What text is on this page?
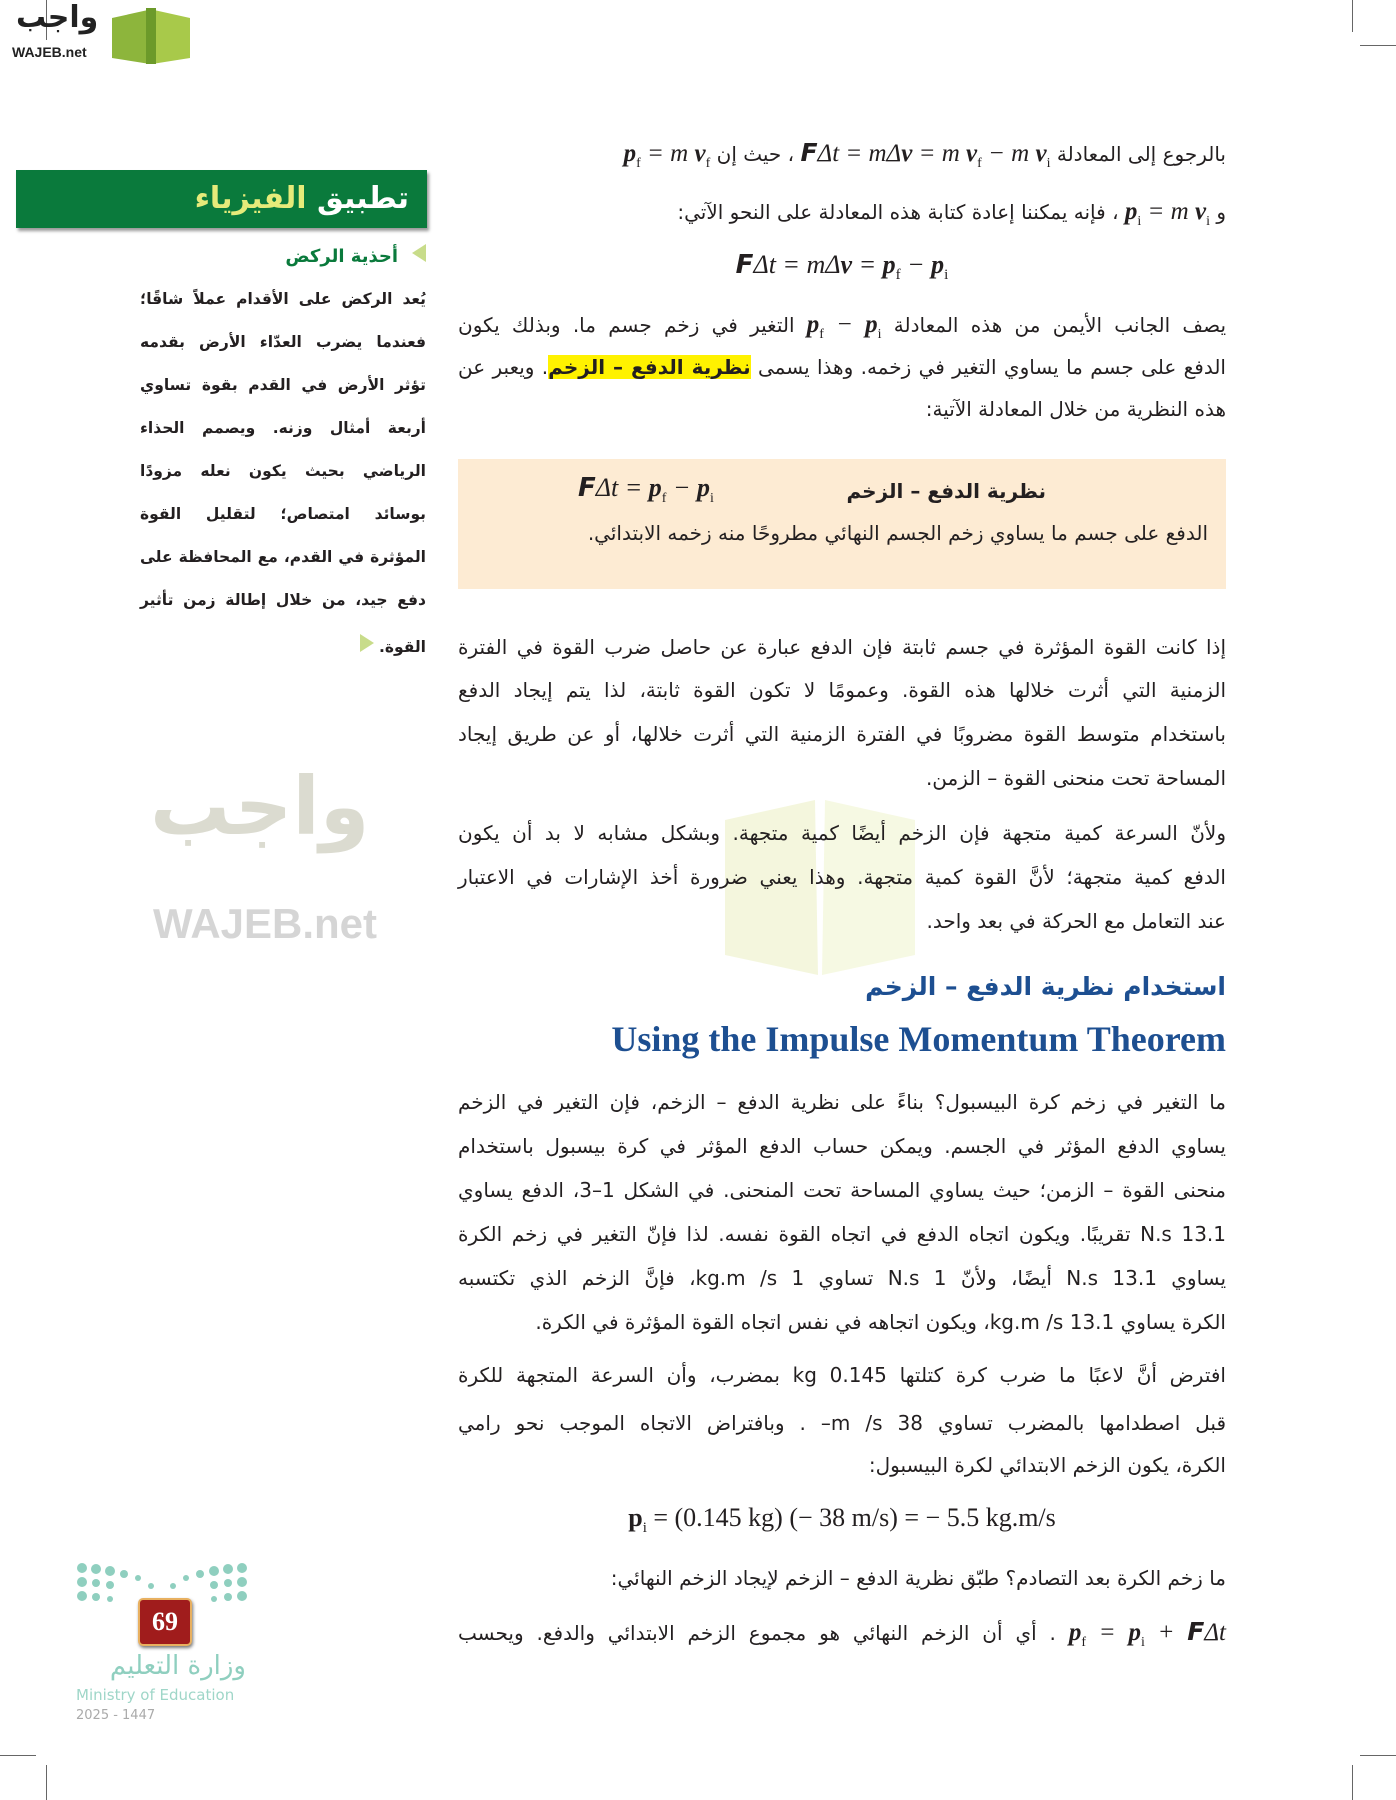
واجب
WAJEB.net
واجب
WAJEB.net
تطبيق الفيزياء
أحذية الركض
يُعد الركض على الأقدام عملاً شاقًا؛
فعندما يضرب العدّاء الأرض بقدمه
تؤثر الأرض في القدم بقوة تساوي
أربعة أمثال وزنه. ويصمم الحذاء
الرياضي بحيث يكون نعله مزودًا
بوسائد امتصاص؛ لتقليل القوة
المؤثرة في القدم، مع المحافظة على
دفع جيد، من خلال إطالة زمن تأثير
القوة.
بالرجوع إلى المعادلة FΔt = mΔv = m $v_f - m$ $v_i$ ، حيث إن $p_f = m$ $v_f$
و $p_i = m$ $v_i$ ، فإنه يمكننا إعادة كتابة هذه المعادلة على النحو الآتي:
$F\Delta t = m\Delta v = p_f - p_i$
يصف الجانب الأيمن من هذه المعادلة $p_f - p_i$ التغير في زخم جسم ما. وبذلك يكون
الدفع على جسم ما يساوي التغير في زخمه. وهذا يسمى نظرية الدفع – الزخم. ويعبر عن
هذه النظرية من خلال المعادلة الآتية:
نظرية الدفع – الزخم
$F\Delta t = p_f - p_i$
الدفع على جسم ما يساوي زخم الجسم النهائي مطروحًا منه زخمه الابتدائي.
إذا كانت القوة المؤثرة في جسم ثابتة فإن الدفع عبارة عن حاصل ضرب القوة في الفترة
الزمنية التي أثرت خلالها هذه القوة. وعمومًا لا تكون القوة ثابتة، لذا يتم إيجاد الدفع
باستخدام متوسط القوة مضروبًا في الفترة الزمنية التي أثرت خلالها، أو عن طريق إيجاد
المساحة تحت منحنى القوة – الزمن.
ولأنّ السرعة كمية متجهة فإن الزخم أيضًا كمية متجهة. وبشكل مشابه لا بد أن يكون
الدفع كمية متجهة؛ لأنَّ القوة كمية متجهة. وهذا يعني ضرورة أخذ الإشارات في الاعتبار
عند التعامل مع الحركة في بعد واحد.
استخدام نظرية الدفع – الزخم
Using the Impulse Momentum Theorem
ما التغير في زخم كرة البيسبول؟ بناءً على نظرية الدفع – الزخم، فإن التغير في الزخم
يساوي الدفع المؤثر في الجسم. ويمكن حساب الدفع المؤثر في كرة بيسبول باستخدام
منحنى القوة – الزمن؛ حيث يساوي المساحة تحت المنحنى. في الشكل 1–3، الدفع يساوي
13.1 N.s تقريبًا. ويكون اتجاه الدفع في اتجاه القوة نفسه. لذا فإنّ التغير في زخم الكرة
يساوي 13.1 N.s أيضًا، ولأنّ 1 N.s تساوي 1 kg.m /s، فإنَّ الزخم الذي تكتسبه
الكرة يساوي 13.1 kg.m /s، ويكون اتجاهه في نفس اتجاه القوة المؤثرة في الكرة.
افترض أنَّ لاعبًا ما ضرب كرة كتلتها 0.145 kg بمضرب، وأن السرعة المتجهة للكرة
قبل اصطدامها بالمضرب تساوي 38 m /s– . وبافتراض الاتجاه الموجب نحو رامي
الكرة، يكون الزخم الابتدائي لكرة البيسبول:
$p_i = (0.145$ kg) (− 38 m/s) = − 5.5 kg.m/s
ما زخم الكرة بعد التصادم؟ طبّق نظرية الدفع – الزخم لإيجاد الزخم النهائي:
$p_f = p_i + F\Delta t$ . أي أن الزخم النهائي هو مجموع الزخم الابتدائي والدفع. ويحسب
69
وزارة التعليم
Ministry of Education
2025 - 1447
